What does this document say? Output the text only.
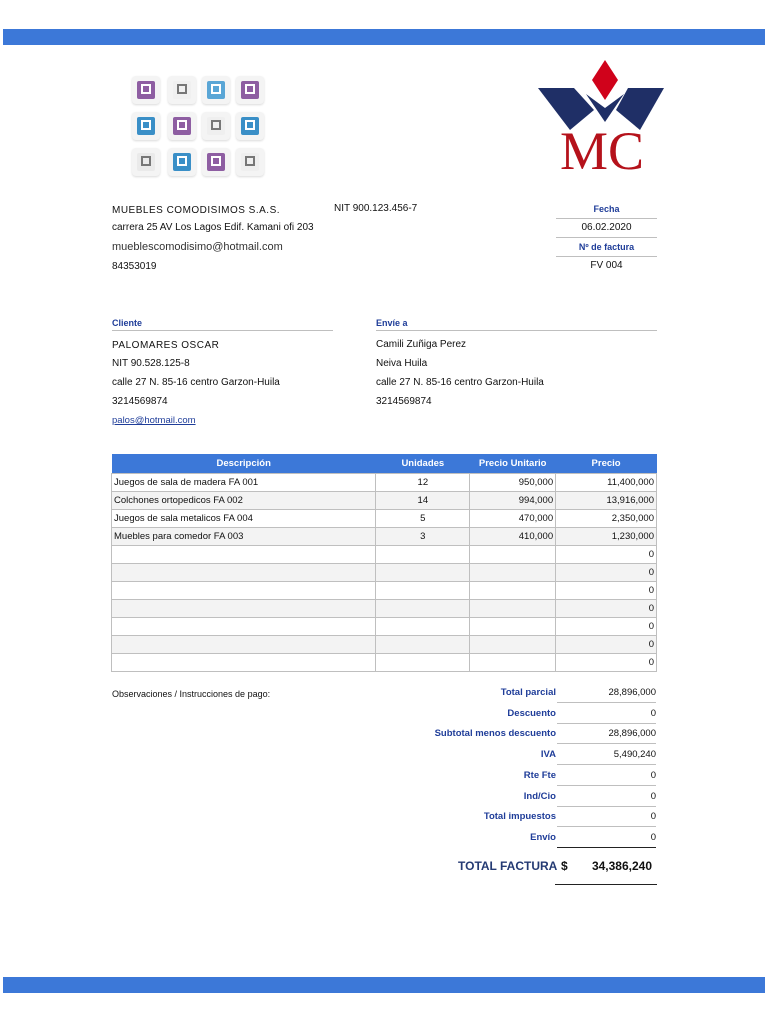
MC
MUEBLES COMODISIMOS S.A.S.
carrera 25 AV Los Lagos Edif. Kamani ofi 203
mueblescomodisimo@hotmail.com
84353019
NIT 900.123.456-7	Fecha
06.02.2020
Nº de factura
FV 004
Cliente
PALOMARES OSCAR
NIT 90.528.125-8
calle 27 N. 85-16 centro Garzon-Huila
3214569874
palos@hotmail.com
Envíe a
Camili Zuñiga Perez
Neiva Huila
calle 27 N. 85-16 centro Garzon-Huila
3214569874
Descripción	Unidades	Precio Unitario	Precio
Juegos de sala de madera FA 001	12	950,000	11,400,000
Colchones ortopedicos FA 002	14	994,000	13,916,000
Juegos de sala metalicos FA 004	5	470,000	2,350,000
Muebles para comedor FA 003	3	410,000	1,230,000
			0
			0
			0
			0
			0
			0
			0
Observaciones / Instrucciones de pago:	Total parcial	28,896,000
Descuento	0
Subtotal menos descuento	28,896,000
IVA	5,490,240
Rte Fte	0
Ind/Cio	0
Total impuestos	0
Envío	0
TOTAL FACTURA $	34,386,240
